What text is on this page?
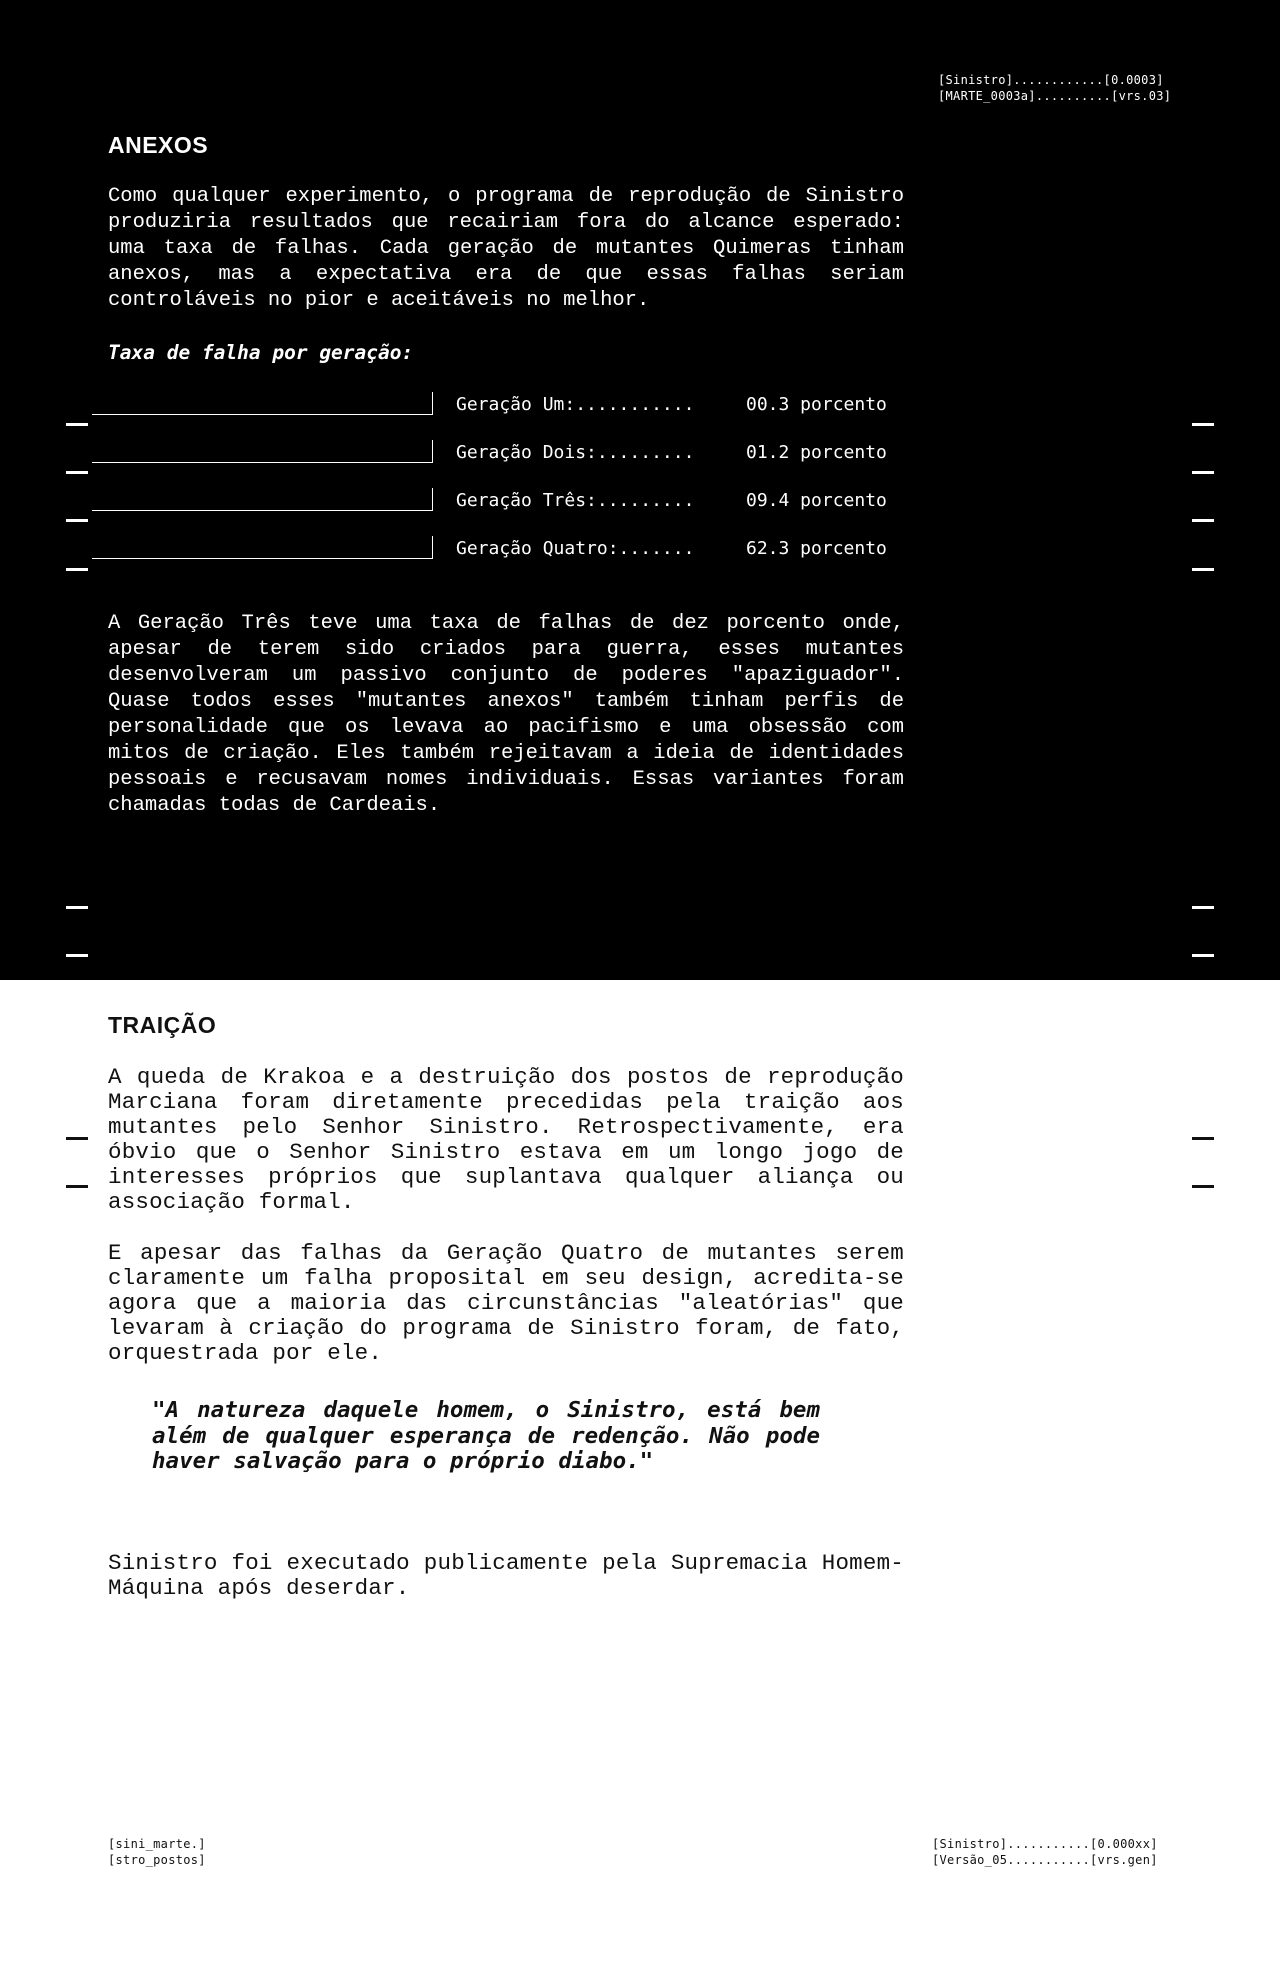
[Sinistro]............[0.0003]
[MARTE_0003a]..........[vrs.03]
ANEXOS

Como qualquer experimento, o programa de reprodução de Sinistro produziria resultados que recairiam fora do alcance esperado: uma taxa de falhas. Cada geração de mutantes Quimeras tinham anexos, mas a expectativa era de que essas falhas seriam controláveis no pior e aceitáveis no melhor.

Taxa de falha por geração:
Geração Um:...........	00.3 porcento
Geração Dois:.........	01.2 porcento
Geração Três:.........	09.4 porcento
Geração Quatro:.......	62.3 porcento

A Geração Três teve uma taxa de falhas de dez porcento onde, apesar de terem sido criados para guerra, esses mutantes desenvolveram um passivo conjunto de poderes "apaziguador". Quase todos esses "mutantes anexos" também tinham perfis de personalidade que os levava ao pacifismo e uma obsessão com mitos de criação. Eles também rejeitavam a ideia de identidades pessoais e recusavam nomes individuais. Essas variantes foram chamadas todas de Cardeais.

TRAIÇÃO

A queda de Krakoa e a destruição dos postos de reprodução Marciana foram diretamente precedidas pela traição aos mutantes pelo Senhor Sinistro. Retrospectivamente, era óbvio que o Senhor Sinistro estava em um longo jogo de interesses próprios que suplantava qualquer aliança ou associação formal.

E apesar das falhas da Geração Quatro de mutantes serem claramente um falha proposital em seu design, acredita-se agora que a maioria das circunstâncias "aleatórias" que levaram à criação do programa de Sinistro foram, de fato, orquestrada por ele.

"A natureza daquele homem, o Sinistro, está bem além de qualquer esperança de redenção. Não pode haver salvação para o próprio diabo."

Sinistro foi executado publicamente pela Supremacia Homem-Máquina após deserdar.

[sini_marte.]
[stro_postos]
[Sinistro]...........[0.000xx]
[Versão_05...........[vrs.gen]
